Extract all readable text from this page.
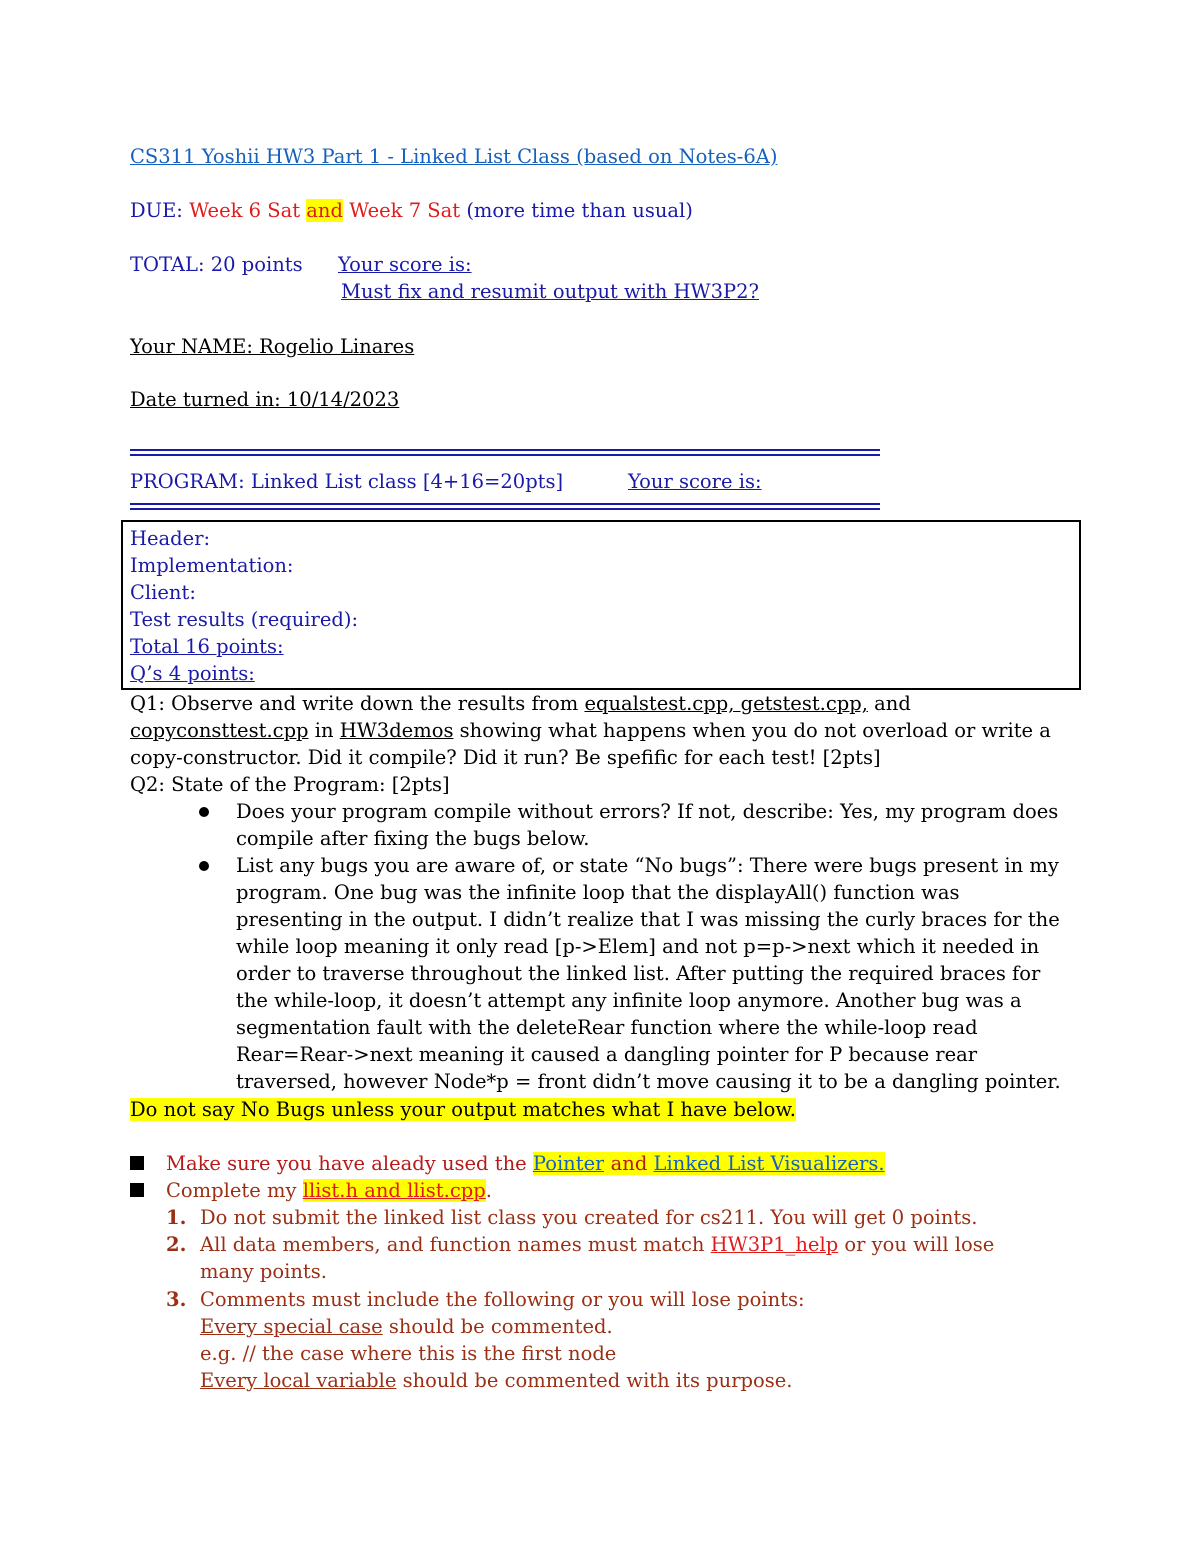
CS311 Yoshii HW3 Part 1 - Linked List Class (based on Notes-6A)
DUE: Week 6 Sat and Week 7 Sat (more time than usual)
TOTAL: 20 points Your score is:
Must fix and resumit output with HW3P2?
Your NAME: Rogelio Linares
Date turned in: 10/14/2023
PROGRAM: Linked List class [4+16=20pts]	Your score is:
Header:
Implementation:
Client:
Test results (required):
Total 16 points:
Q’s 4 points:
Q1: Observe and write down the results from equalstest.cpp, getstest.cpp, and
copyconsttest.cpp in HW3demos showing what happens when you do not overload or write a
copy-constructor. Did it compile? Did it run? Be spefific for each test! [2pts]
Q2: State of the Program: [2pts]
Does your program compile without errors? If not, describe: Yes, my program does
compile after fixing the bugs below.
List any bugs you are aware of, or state “No bugs”: There were bugs present in my
program. One bug was the infinite loop that the displayAll() function was
presenting in the output. I didn’t realize that I was missing the curly braces for the
while loop meaning it only read [p->Elem] and not p=p->next which it needed in
order to traverse throughout the linked list. After putting the required braces for
the while-loop, it doesn’t attempt any infinite loop anymore. Another bug was a
segmentation fault with the deleteRear function where the while-loop read
Rear=Rear->next meaning it caused a dangling pointer for P because rear
traversed, however Node*p = front didn’t move causing it to be a dangling pointer.
Do not say No Bugs unless your output matches what I have below.
Make sure you have aleady used the Pointer and Linked List Visualizers.
Complete my llist.h and llist.cpp.
1. Do not submit the linked list class you created for cs211. You will get 0 points.
2. All data members, and function names must match HW3P1_help or you will lose
many points.
3. Comments must include the following or you will lose points:
Every special case should be commented.
e.g. // the case where this is the first node
Every local variable should be commented with its purpose.
